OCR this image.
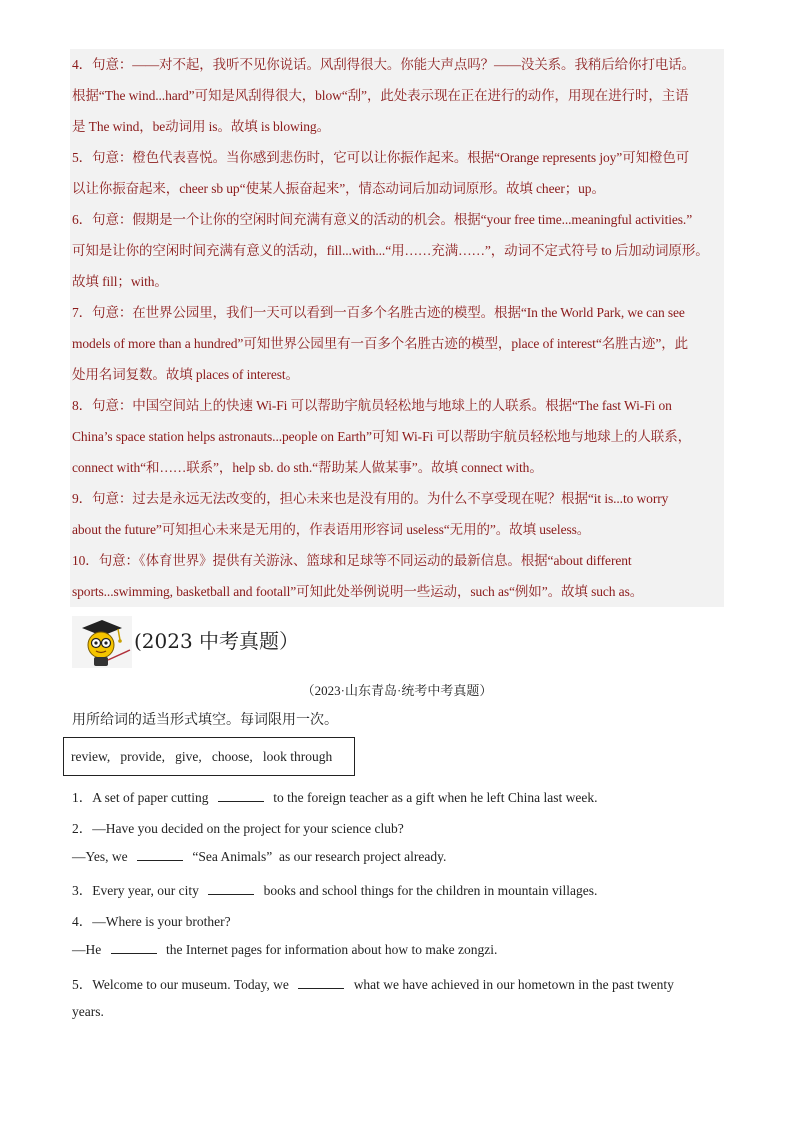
4．句意：——对不起，我听不见你说话。风刮得很大。你能大声点吗？——没关系。我稍后给你打电话。
根据“The wind...hard”可知是风刮得很大，blow“刮”，此处表示现在正在进行的动作，用现在进行时，主语
是 The wind，be动词用 is。故填 is blowing。
5．句意：橙色代表喜悦。当你感到悲伤时，它可以让你振作起来。根据“Orange represents joy”可知橙色可
以让你振奋起来，cheer sb up“使某人振奋起来”，情态动词后加动词原形。故填 cheer；up。
6．句意：假期是一个让你的空闲时间充满有意义的活动的机会。根据“your free time...meaningful activities.”
可知是让你的空闲时间充满有意义的活动，fill...with...“用……充满……”，动词不定式符号 to 后加动词原形。
故填 fill；with。
7．句意：在世界公园里，我们一天可以看到一百多个名胜古迹的模型。根据“In the World Park, we can see
models of more than a hundred”可知世界公园里有一百多个名胜古迹的模型，place of interest“名胜古迹”，此
处用名词复数。故填 places of interest。
8．句意：中国空间站上的快速 Wi-Fi 可以帮助宇航员轻松地与地球上的人联系。根据“The fast Wi-Fi on
China’s space station helps astronauts...people on Earth”可知 Wi-Fi 可以帮助宇航员轻松地与地球上的人联系，
connect with“和……联系”，help sb. do sth.“帮助某人做某事”。故填 connect with。
9．句意：过去是永远无法改变的，担心未来也是没有用的。为什么不享受现在呢？根据“it is...to worry
about the future”可知担心未来是无用的，作表语用形容词 useless“无用的”。故填 useless。
10．句意：《体育世界》提供有关游泳、篮球和足球等不同运动的最新信息。根据“about different
sports...swimming, basketball and footall”可知此处举例说明一些运动，such as“例如”。故填 such as。
(2023 中考真题）
（2023·山东青岛·统考中考真题）
用所给词的适当形式填空。每词限用一次。
review,   provide,   give,   choose,   look through
1．A set of paper cutting	to the foreign teacher as a gift when he left China last week.
2．—Have you decided on the project for your science club?
—Yes, we	“Sea Animals”  as our research project already.
3．Every year, our city	books and school things for the children in mountain villages.
4．—Where is your brother?
—He	the Internet pages for information about how to make zongzi.
5．Welcome to our museum. Today, we	what we have achieved in our hometown in the past twenty
years.
